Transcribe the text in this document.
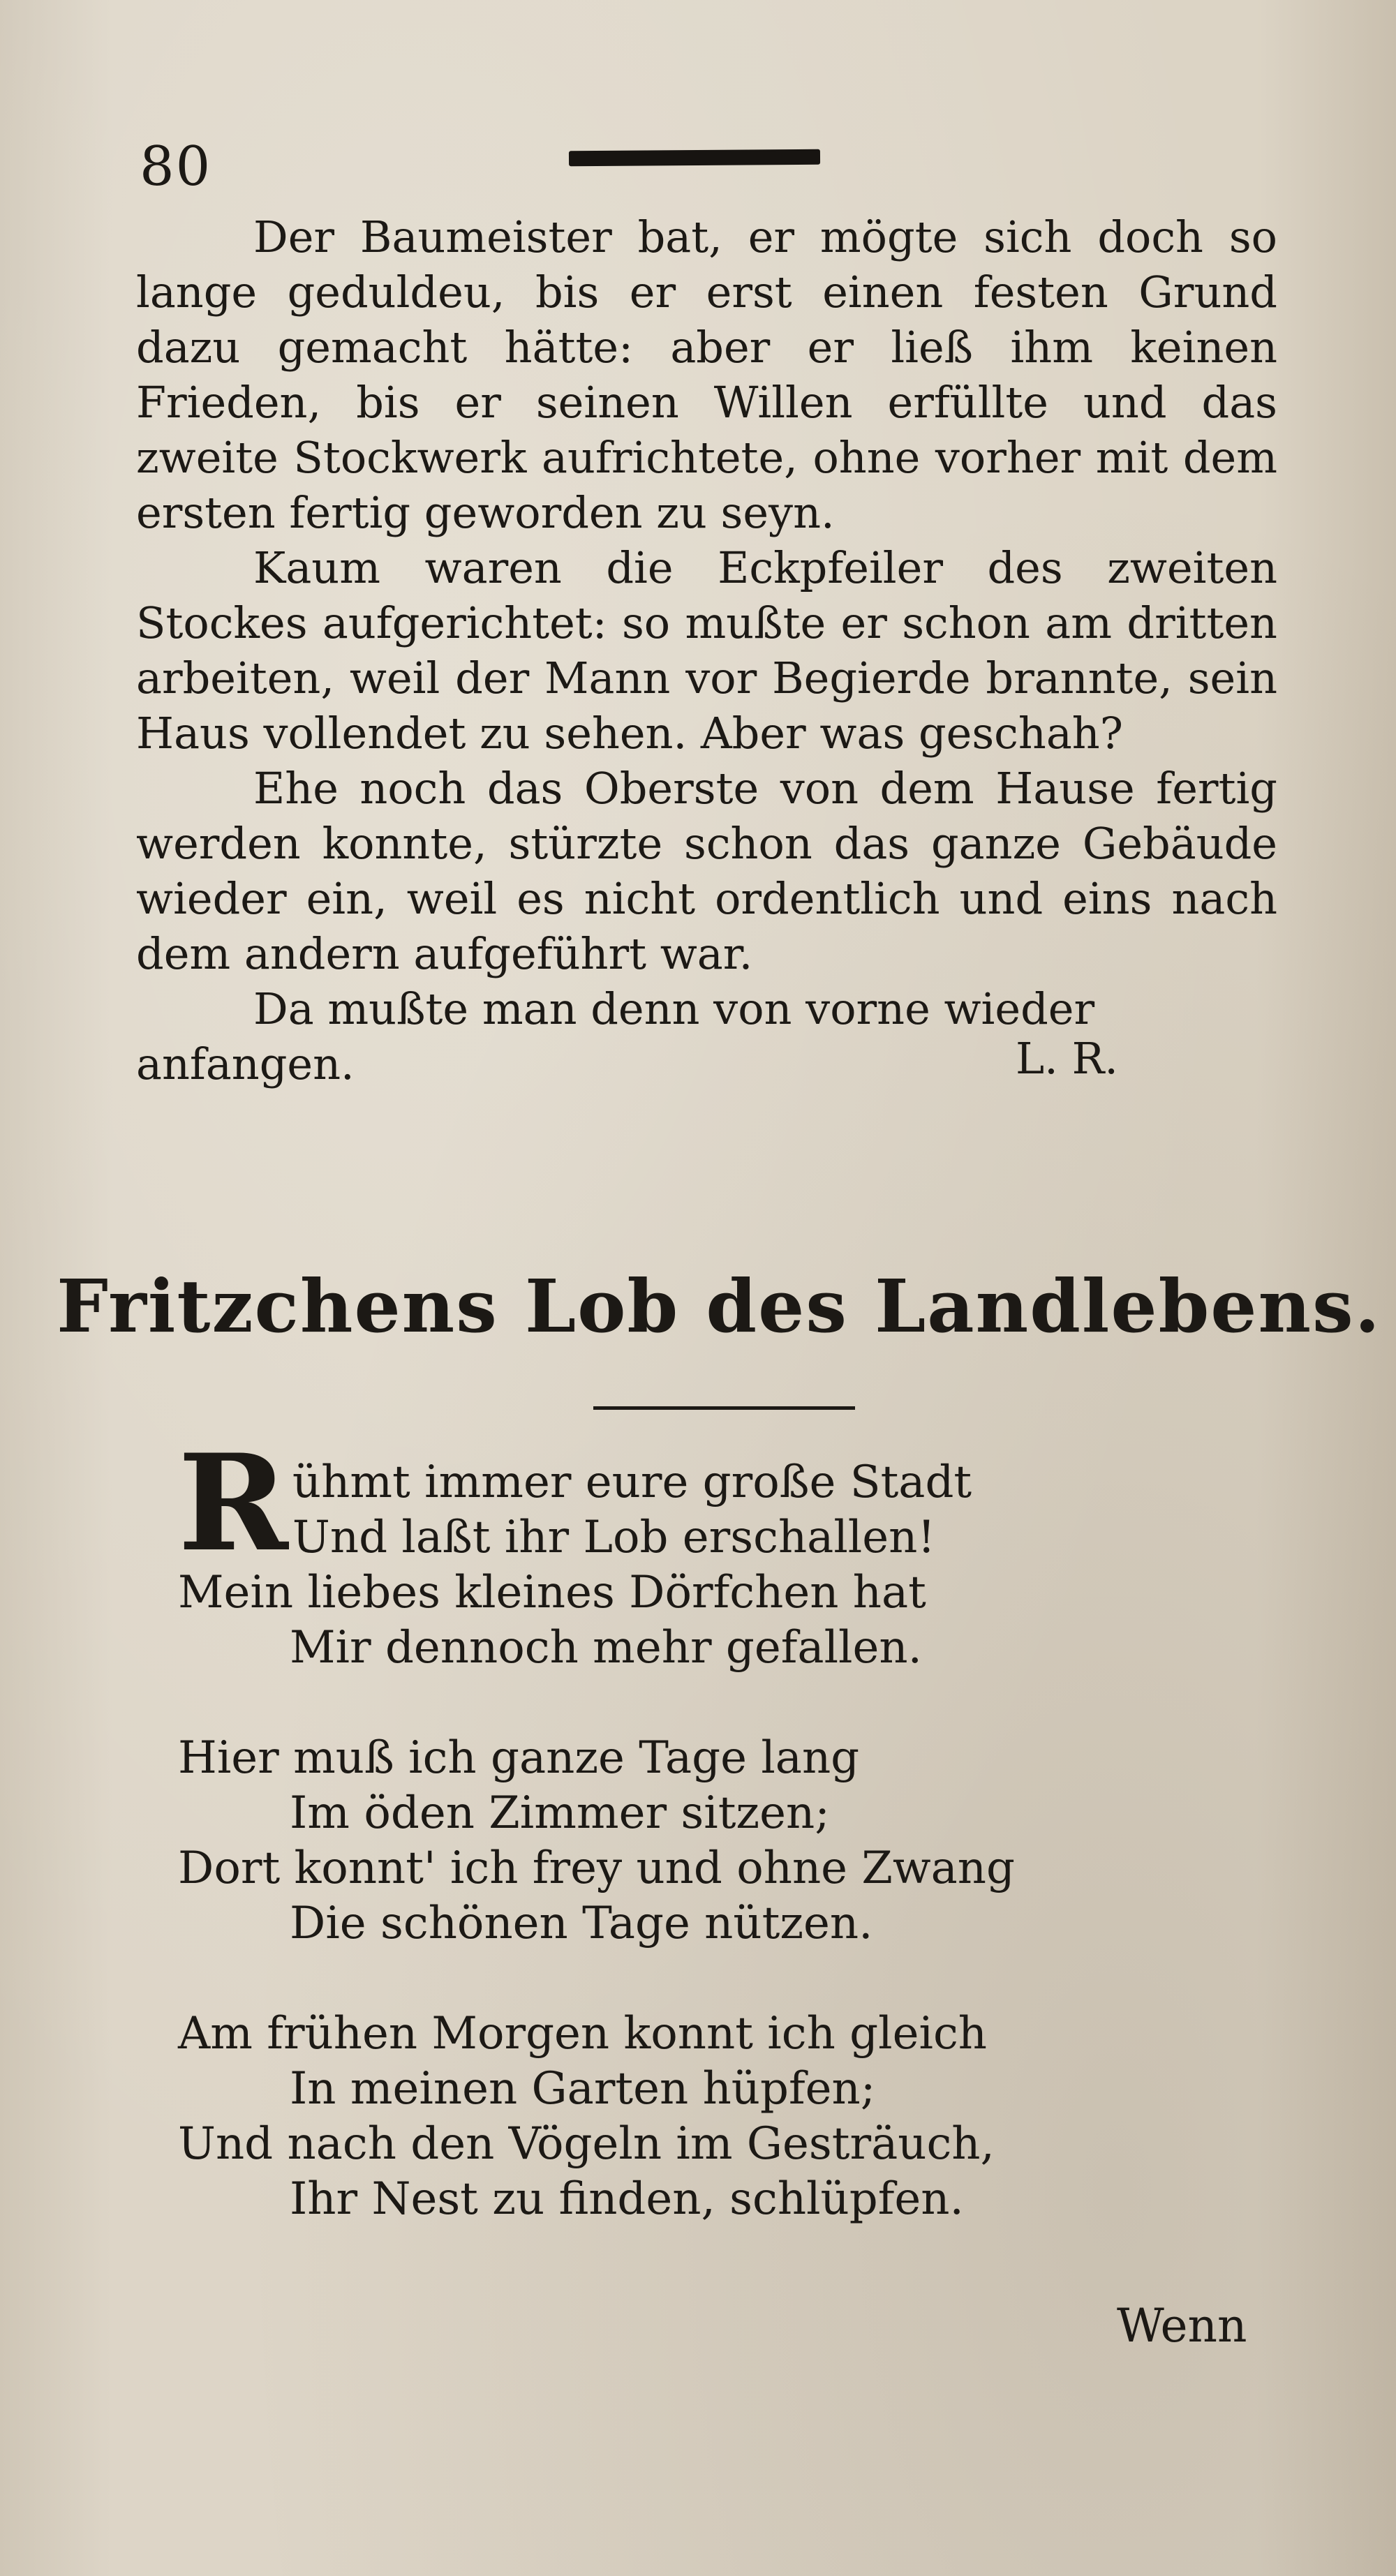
80

Der Baumeister bat, er mögte sich doch so lange geduldeu, bis er erst einen festen Grund dazu gemacht hätte: aber er ließ ihm keinen Frieden, bis er seinen Willen erfüllte und das zweite Stockwerk aufrichtete, ohne vorher mit dem ersten fertig geworden zu seyn.

Kaum waren die Eckpfeiler des zweiten Stockes aufgerichtet: so mußte er schon am dritten arbeiten, weil der Mann vor Begierde brannte, sein Haus vollendet zu sehen. Aber was geschah?

Ehe noch das Oberste von dem Hause fertig werden konnte, stürzte schon das ganze Gebäude wieder ein, weil es nicht ordentlich und eins nach dem andern aufgeführt war.

Da mußte man denn von vorne wieder

anfangen.	L. R.
Fritzchens Lob des Landlebens.
Rühmt immer eure große Stadt
Und laßt ihr Lob erschallen!
Mein liebes kleines Dörfchen hat
Mir dennoch mehr gefallen.
Hier muß ich ganze Tage lang
Im öden Zimmer sitzen;
Dort konnt' ich frey und ohne Zwang
Die schönen Tage nützen.
Am frühen Morgen konnt ich gleich
In meinen Garten hüpfen;
Und nach den Vögeln im Gesträuch,
Ihr Nest zu finden, schlüpfen.
Wenn
